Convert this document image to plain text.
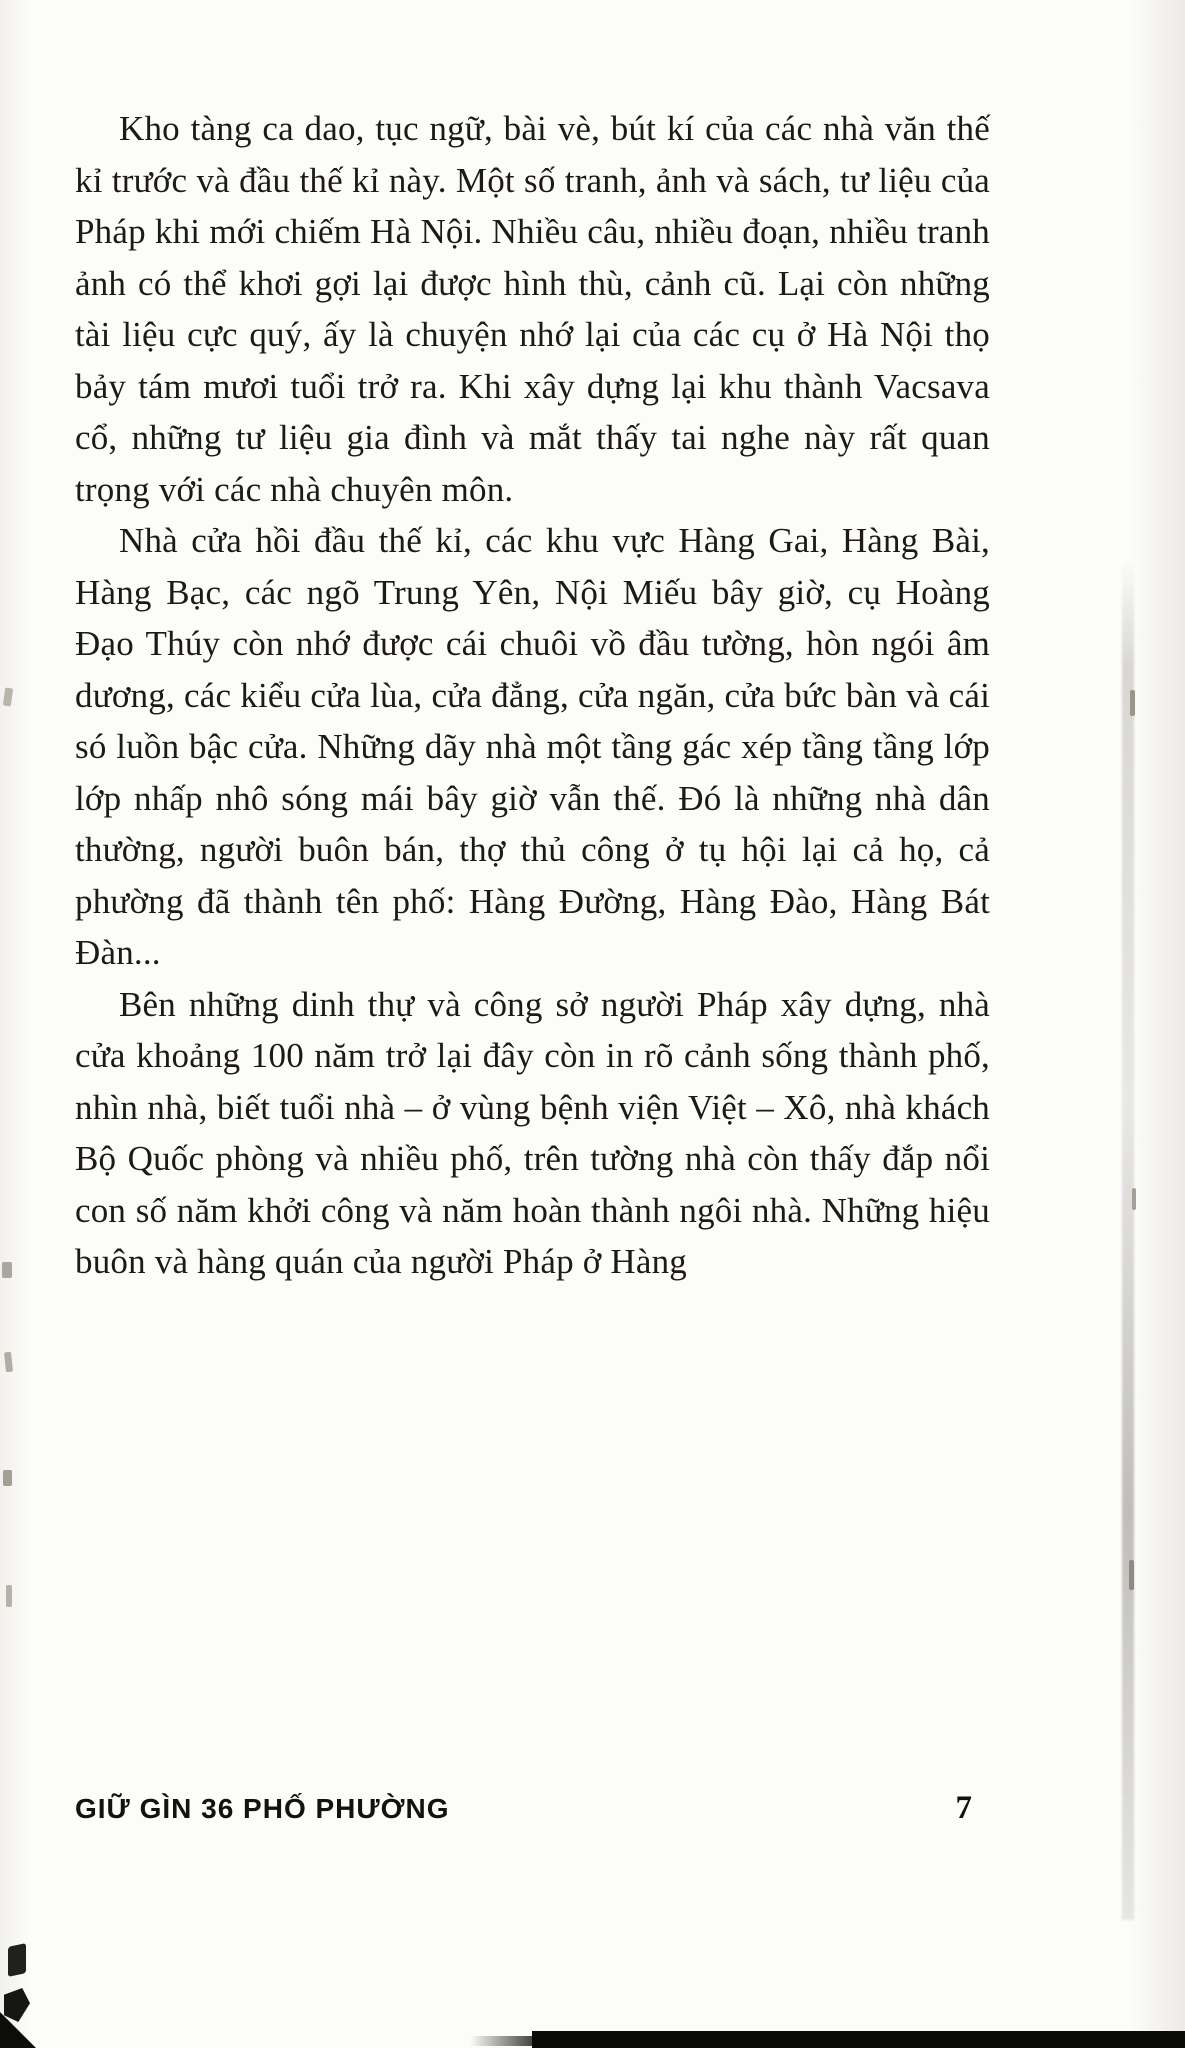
Kho tàng ca dao, tục ngữ, bài vè, bút kí của các nhà văn thế kỉ trước và đầu thế kỉ này. Một số tranh, ảnh và sách, tư liệu của Pháp khi mới chiếm Hà Nội. Nhiều câu, nhiều đoạn, nhiều tranh ảnh có thể khơi gợi lại được hình thù, cảnh cũ. Lại còn những tài liệu cực quý, ấy là chuyện nhớ lại của các cụ ở Hà Nội thọ bảy tám mươi tuổi trở ra. Khi xây dựng lại khu thành Vacsava cổ, những tư liệu gia đình và mắt thấy tai nghe này rất quan trọng với các nhà chuyên môn.

Nhà cửa hồi đầu thế kỉ, các khu vực Hàng Gai, Hàng Bài, Hàng Bạc, các ngõ Trung Yên, Nội Miếu bây giờ, cụ Hoàng Đạo Thúy còn nhớ được cái chuôi vồ đầu tường, hòn ngói âm dương, các kiểu cửa lùa, cửa đẳng, cửa ngăn, cửa bức bàn và cái só luồn bậc cửa. Những dãy nhà một tầng gác xép tầng tầng lớp lớp nhấp nhô sóng mái bây giờ vẫn thế. Đó là những nhà dân thường, người buôn bán, thợ thủ công ở tụ hội lại cả họ, cả phường đã thành tên phố: Hàng Đường, Hàng Đào, Hàng Bát Đàn...

Bên những dinh thự và công sở người Pháp xây dựng, nhà cửa khoảng 100 năm trở lại đây còn in rõ cảnh sống thành phố, nhìn nhà, biết tuổi nhà – ở vùng bệnh viện Việt – Xô, nhà khách Bộ Quốc phòng và nhiều phố, trên tường nhà còn thấy đắp nổi con số năm khởi công và năm hoàn thành ngôi nhà. Những hiệu buôn và hàng quán của người Pháp ở Hàng

GIỮ GÌN 36 PHỐ PHƯỜNG	7
